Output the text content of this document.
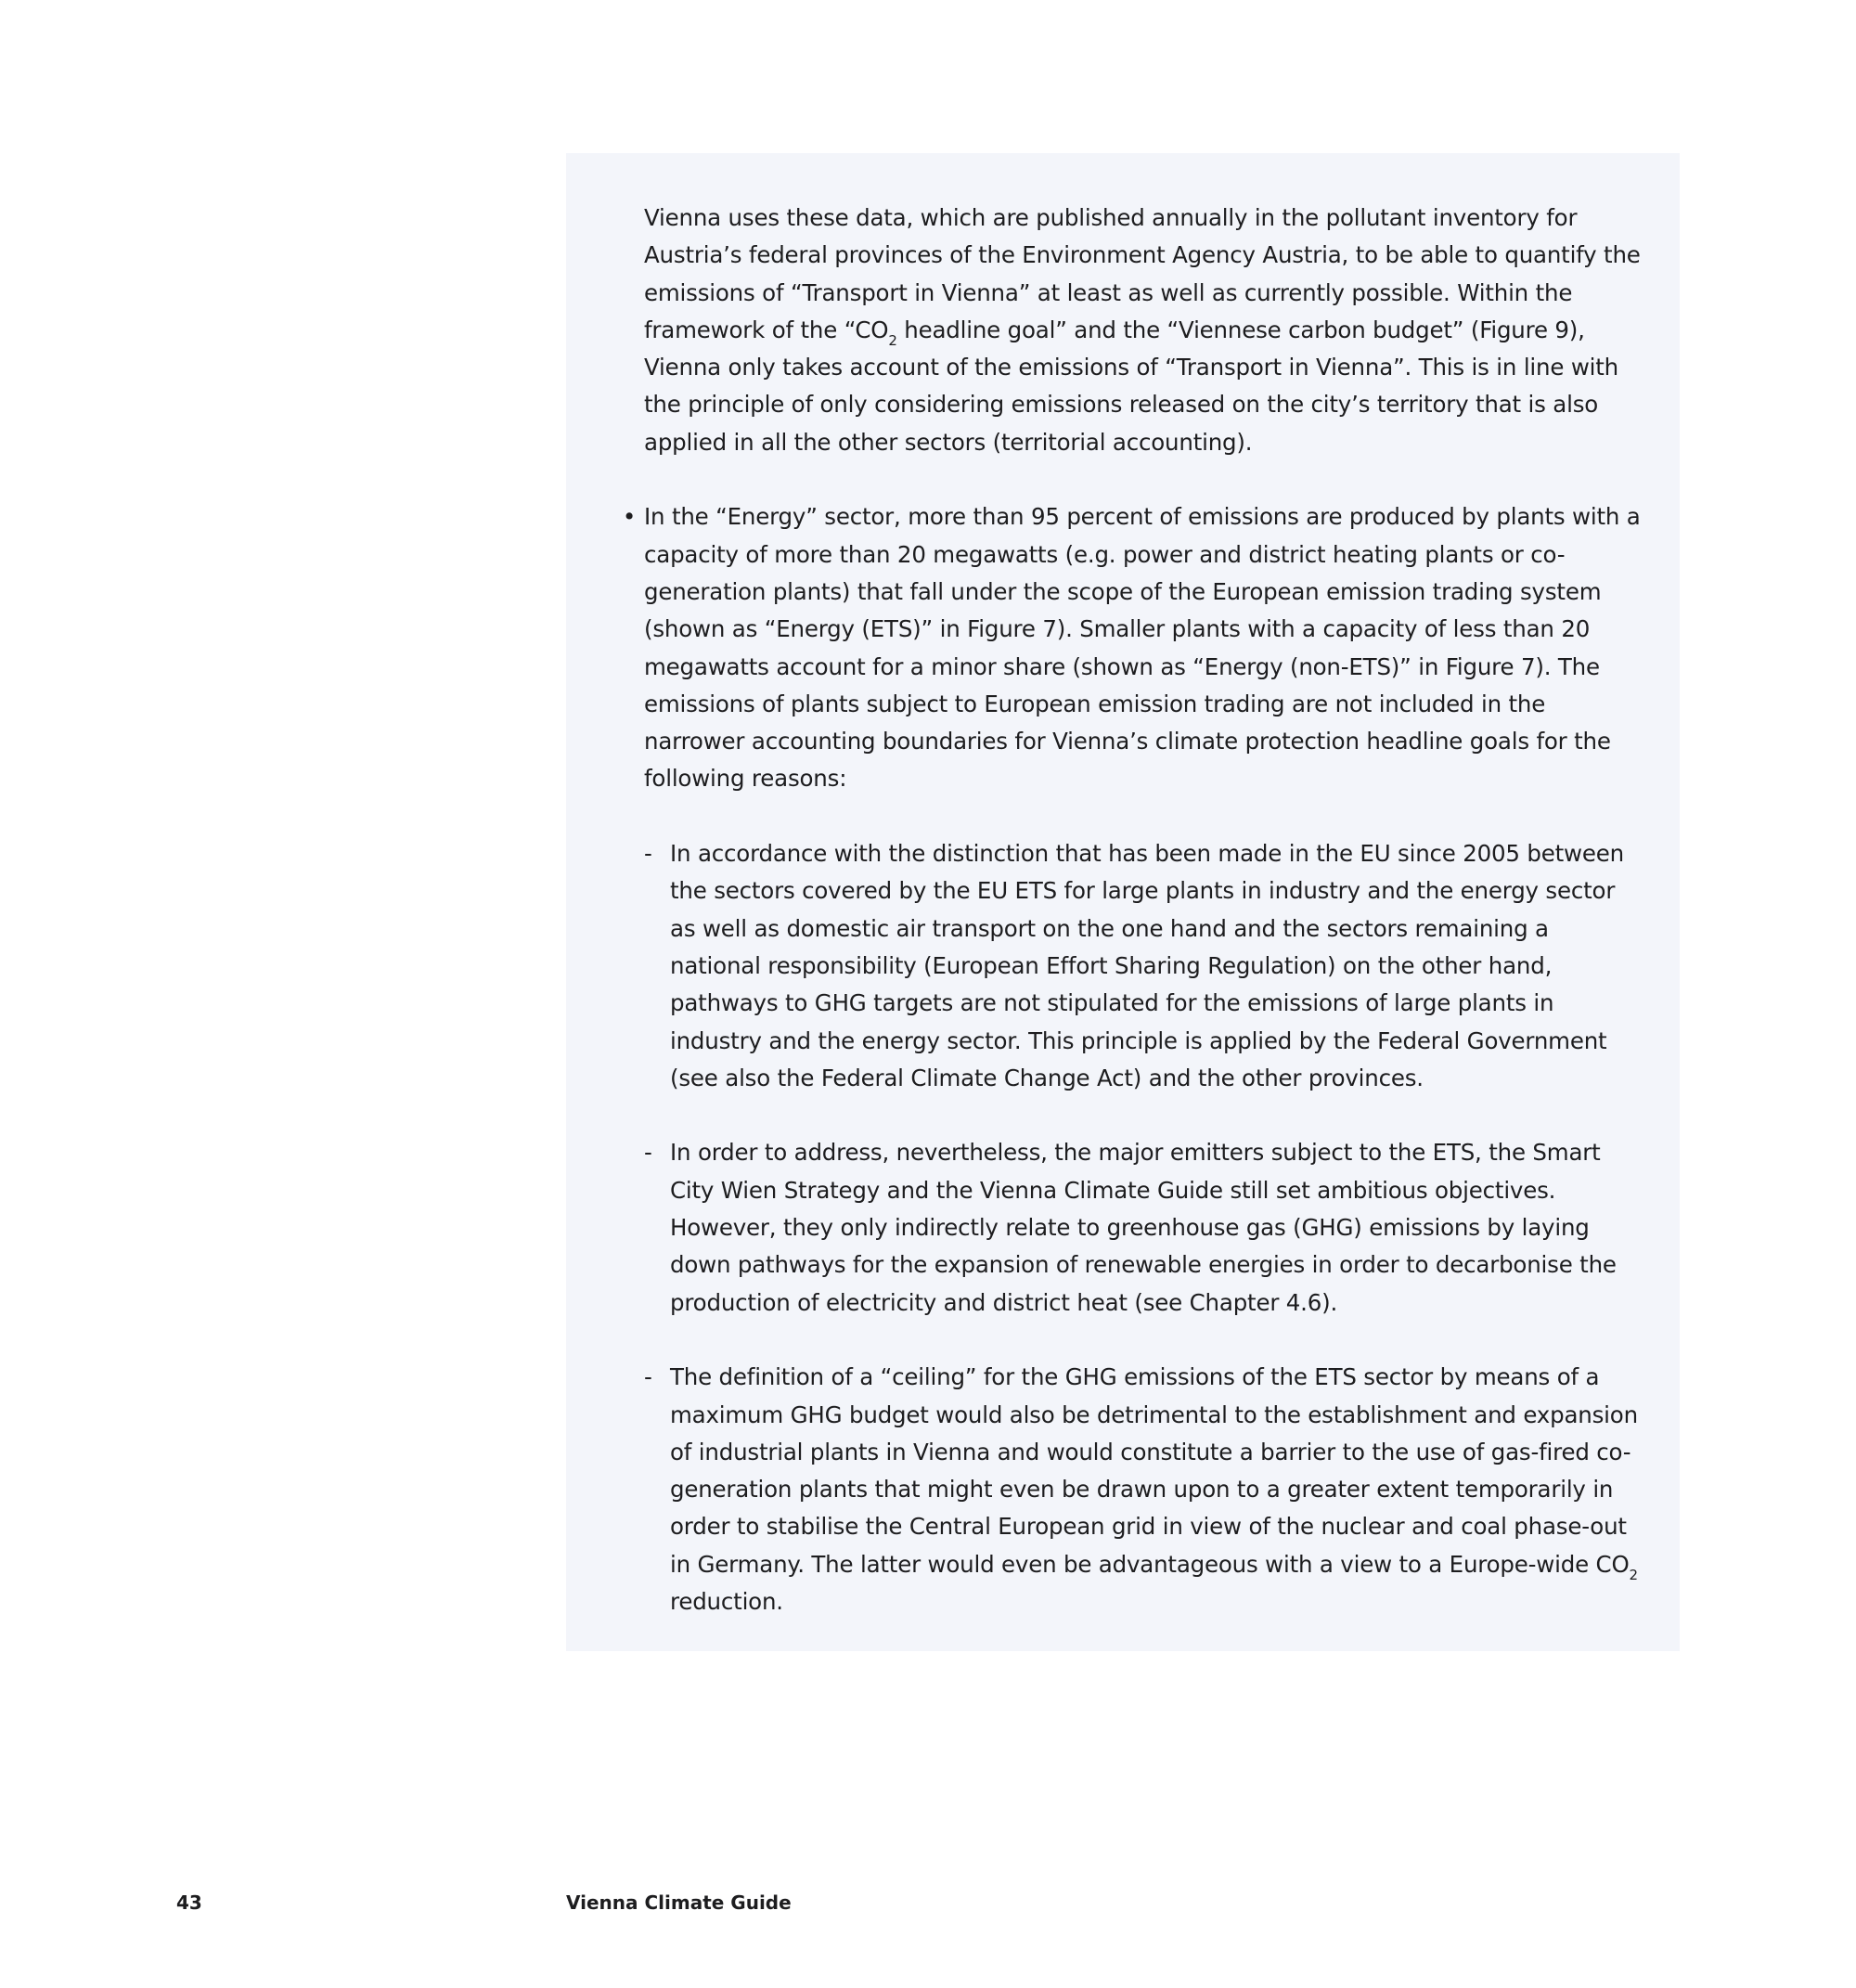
Vienna uses these data, which are published annually in the pollutant inventory for Austria’s federal provinces of the Environment Agency Austria, to be able to quantify the emissions of “Transport in Vienna” at least as well as currently possible. Within the framework of the “$CO_2$ headline goal” and the “Viennese carbon budget” (Figure 9), Vienna only takes account of the emissions of “Transport in Vienna”. This is in line with the principle of only considering emissions released on the city’s territory that is also applied in all the other sectors (territorial accounting).

• In the “Energy” sector, more than 95 percent of emissions are produced by plants with a capacity of more than 20 megawatts (e.g. power and district heating plants or co-generation plants) that fall under the scope of the European emission trading system (shown as “Energy (ETS)” in Figure 7). Smaller plants with a capacity of less than 20 megawatts account for a minor share (shown as “Energy (non-ETS)” in Figure 7). The emissions of plants subject to European emission trading are not included in the narrower accounting boundaries for Vienna’s climate protection headline goals for the following reasons:

- In accordance with the distinction that has been made in the EU since 2005 between the sectors covered by the EU ETS for large plants in industry and the energy sector as well as domestic air transport on the one hand and the sectors remaining a national responsibility (European Effort Sharing Regulation) on the other hand, pathways to GHG targets are not stipulated for the emissions of large plants in industry and the energy sector. This principle is applied by the Federal Government (see also the Federal Climate Change Act) and the other provinces.

- In order to address, nevertheless, the major emitters subject to the ETS, the Smart City Wien Strategy and the Vienna Climate Guide still set ambitious objectives. However, they only indirectly relate to greenhouse gas (GHG) emissions by laying down pathways for the expansion of renewable energies in order to decarbonise the production of electricity and district heat (see Chapter 4.6).

- The definition of a “ceiling” for the GHG emissions of the ETS sector by means of a maximum GHG budget would also be detrimental to the establishment and expansion of industrial plants in Vienna and would constitute a barrier to the use of gas-fired co-generation plants that might even be drawn upon to a greater extent temporarily in order to stabilise the Central European grid in view of the nuclear and coal phase-out in Germany. The latter would even be advantageous with a view to a Europe-wide $CO_2$ reduction.

43	Vienna Climate Guide
